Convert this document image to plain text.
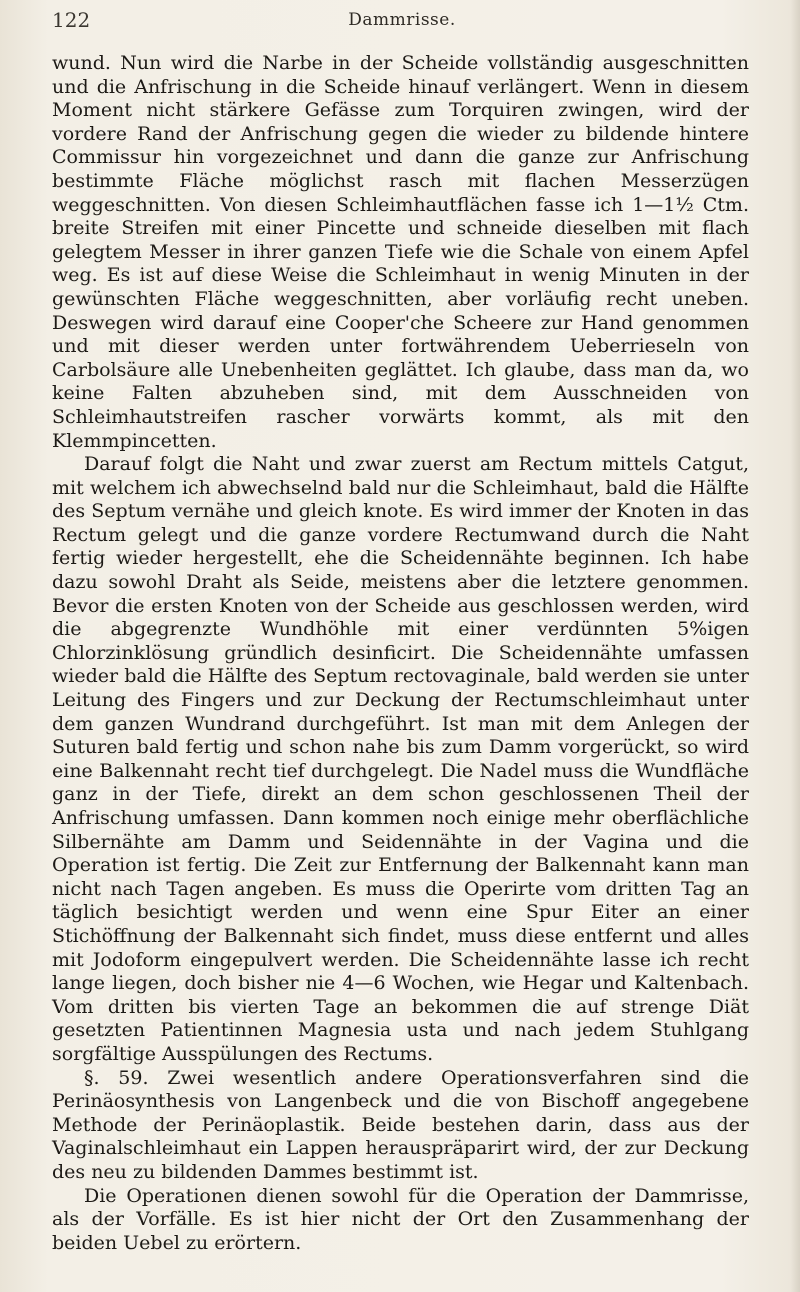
122	Dammrisse.

wund. Nun wird die Narbe in der Scheide vollständig ausgeschnitten und die Anfrischung in die Scheide hinauf verlängert. Wenn in diesem Moment nicht stärkere Gefässe zum Torquiren zwingen, wird der vordere Rand der Anfrischung gegen die wieder zu bildende hintere Commissur hin vorgezeichnet und dann die ganze zur Anfrischung bestimmte Fläche möglichst rasch mit flachen Messerzügen weggeschnitten. Von diesen Schleimhautflächen fasse ich 1—1½ Ctm. breite Streifen mit einer Pincette und schneide dieselben mit flach gelegtem Messer in ihrer ganzen Tiefe wie die Schale von einem Apfel weg. Es ist auf diese Weise die Schleimhaut in wenig Minuten in der gewünschten Fläche weggeschnitten, aber vorläufig recht uneben. Deswegen wird darauf eine Cooper'che Scheere zur Hand genommen und mit dieser werden unter fortwährendem Ueberrieseln von Carbolsäure alle Unebenheiten geglättet. Ich glaube, dass man da, wo keine Falten abzuheben sind, mit dem Ausschneiden von Schleimhautstreifen rascher vorwärts kommt, als mit den Klemmpincetten.

Darauf folgt die Naht und zwar zuerst am Rectum mittels Catgut, mit welchem ich abwechselnd bald nur die Schleimhaut, bald die Hälfte des Septum vernähe und gleich knote. Es wird immer der Knoten in das Rectum gelegt und die ganze vordere Rectumwand durch die Naht fertig wieder hergestellt, ehe die Scheidennähte beginnen. Ich habe dazu sowohl Draht als Seide, meistens aber die letztere genommen. Bevor die ersten Knoten von der Scheide aus geschlossen werden, wird die abgegrenzte Wundhöhle mit einer verdünnten 5%igen Chlorzinklösung gründlich desinficirt. Die Scheidennähte umfassen wieder bald die Hälfte des Septum rectovaginale, bald werden sie unter Leitung des Fingers und zur Deckung der Rectumschleimhaut unter dem ganzen Wundrand durchgeführt. Ist man mit dem Anlegen der Suturen bald fertig und schon nahe bis zum Damm vorgerückt, so wird eine Balkennaht recht tief durchgelegt. Die Nadel muss die Wundfläche ganz in der Tiefe, direkt an dem schon geschlossenen Theil der Anfrischung umfassen. Dann kommen noch einige mehr oberflächliche Silbernähte am Damm und Seidennähte in der Vagina und die Operation ist fertig. Die Zeit zur Entfernung der Balkennaht kann man nicht nach Tagen angeben. Es muss die Operirte vom dritten Tag an täglich besichtigt werden und wenn eine Spur Eiter an einer Stichöffnung der Balkennaht sich findet, muss diese entfernt und alles mit Jodoform eingepulvert werden. Die Scheidennähte lasse ich recht lange liegen, doch bisher nie 4—6 Wochen, wie Hegar und Kaltenbach. Vom dritten bis vierten Tage an bekommen die auf strenge Diät gesetzten Patientinnen Magnesia usta und nach jedem Stuhlgang sorgfältige Ausspülungen des Rectums.

§. 59. Zwei wesentlich andere Operationsverfahren sind die Perinäosynthesis von Langenbeck und die von Bischoff angegebene Methode der Perinäoplastik. Beide bestehen darin, dass aus der Vaginalschleimhaut ein Lappen herauspräparirt wird, der zur Deckung des neu zu bildenden Dammes bestimmt ist.

Die Operationen dienen sowohl für die Operation der Dammrisse, als der Vorfälle. Es ist hier nicht der Ort den Zusammenhang der beiden Uebel zu erörtern.
